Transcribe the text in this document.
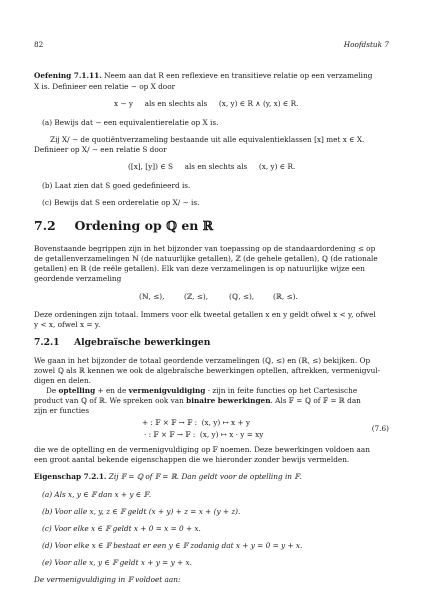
82	Hoofdstuk 7
Oefening 7.1.11. Neem aan dat R een reflexieve en transitieve relatie op een verzameling
X is. Definieer een relatie ∼ op X door
x ∼ y     als en slechts als     (x, y) ∈ R ∧ (y, x) ∈ R.
(a) Bewijs dat ∼ een equivalentierelatie op X is.
Zij X/ ∼ de quotiëntverzameling bestaande uit alle equivalentieklassen [x] met x ∈ X.
Definieer op X/ ∼ een relatie S door
([x], [y]) ∈ S     als en slechts als     (x, y) ∈ R.
(b) Laat zien dat S goed gedefinieerd is.
(c) Bewijs dat S een orderelatie op X/ ∼ is.
7.2 Ordening op ℚ en ℝ
Bovenstaande begrippen zijn in het bijzonder van toepassing op de standaardordening ≤ op
de getallenverzamelingen ℕ (de natuurlijke getallen), ℤ (de gehele getallen), ℚ (de rationale
getallen) en ℝ (de reële getallen). Elk van deze verzamelingen is op natuurlijke wijze een
geordende verzameling
(ℕ, ≤),	(ℤ, ≤),	(ℚ, ≤),	(ℝ, ≤).
Deze ordeningen zijn totaal. Immers voor elk tweetal getallen x en y geldt ofwel x < y, ofwel
y < x, ofwel x = y.
7.2.1 Algebraïsche bewerkingen
We gaan in het bijzonder de totaal geordende verzamelingen (ℚ, ≤) en (ℝ, ≤) bekijken. Op
zowel ℚ als ℝ kennen we ook de algebraïsche bewerkingen optellen, aftrekken, vermenigvul-
digen en delen.
De optelling + en de vermenigvuldiging · zijn in feite functies op het Cartesische
product van ℚ of ℝ. We spreken ook van binaire bewerkingen. Als 𝔽 = ℚ of 𝔽 = ℝ dan
zijn er functies
+ : 𝔽 × 𝔽 → 𝔽 :  (x, y) ↦ x + y
· : 𝔽 × 𝔽 → 𝔽 :  (x, y) ↦ x · y = xy
(7.6)
die we de optelling en de vermenigvuldiging op 𝔽 noemen. Deze bewerkingen voldoen aan
een groot aantal bekende eigenschappen die we hieronder zonder bewijs vermelden.
Eigenschap 7.2.1. Zij 𝔽 = ℚ of 𝔽 = ℝ. Dan geldt voor de optelling in 𝔽.
(a) Als x, y ∈ 𝔽 dan x + y ∈ 𝔽.
(b) Voor alle x, y, z ∈ 𝔽 geldt (x + y) + z = x + (y + z).
(c) Voor elke x ∈ 𝔽 geldt x + 0 = x = 0 + x.
(d) Voor elke x ∈ 𝔽 bestaat er een y ∈ 𝔽 zodanig dat x + y = 0 = y + x.
(e) Voor alle x, y ∈ 𝔽 geldt x + y = y + x.
De vermenigvuldiging in 𝔽 voldoet aan:
